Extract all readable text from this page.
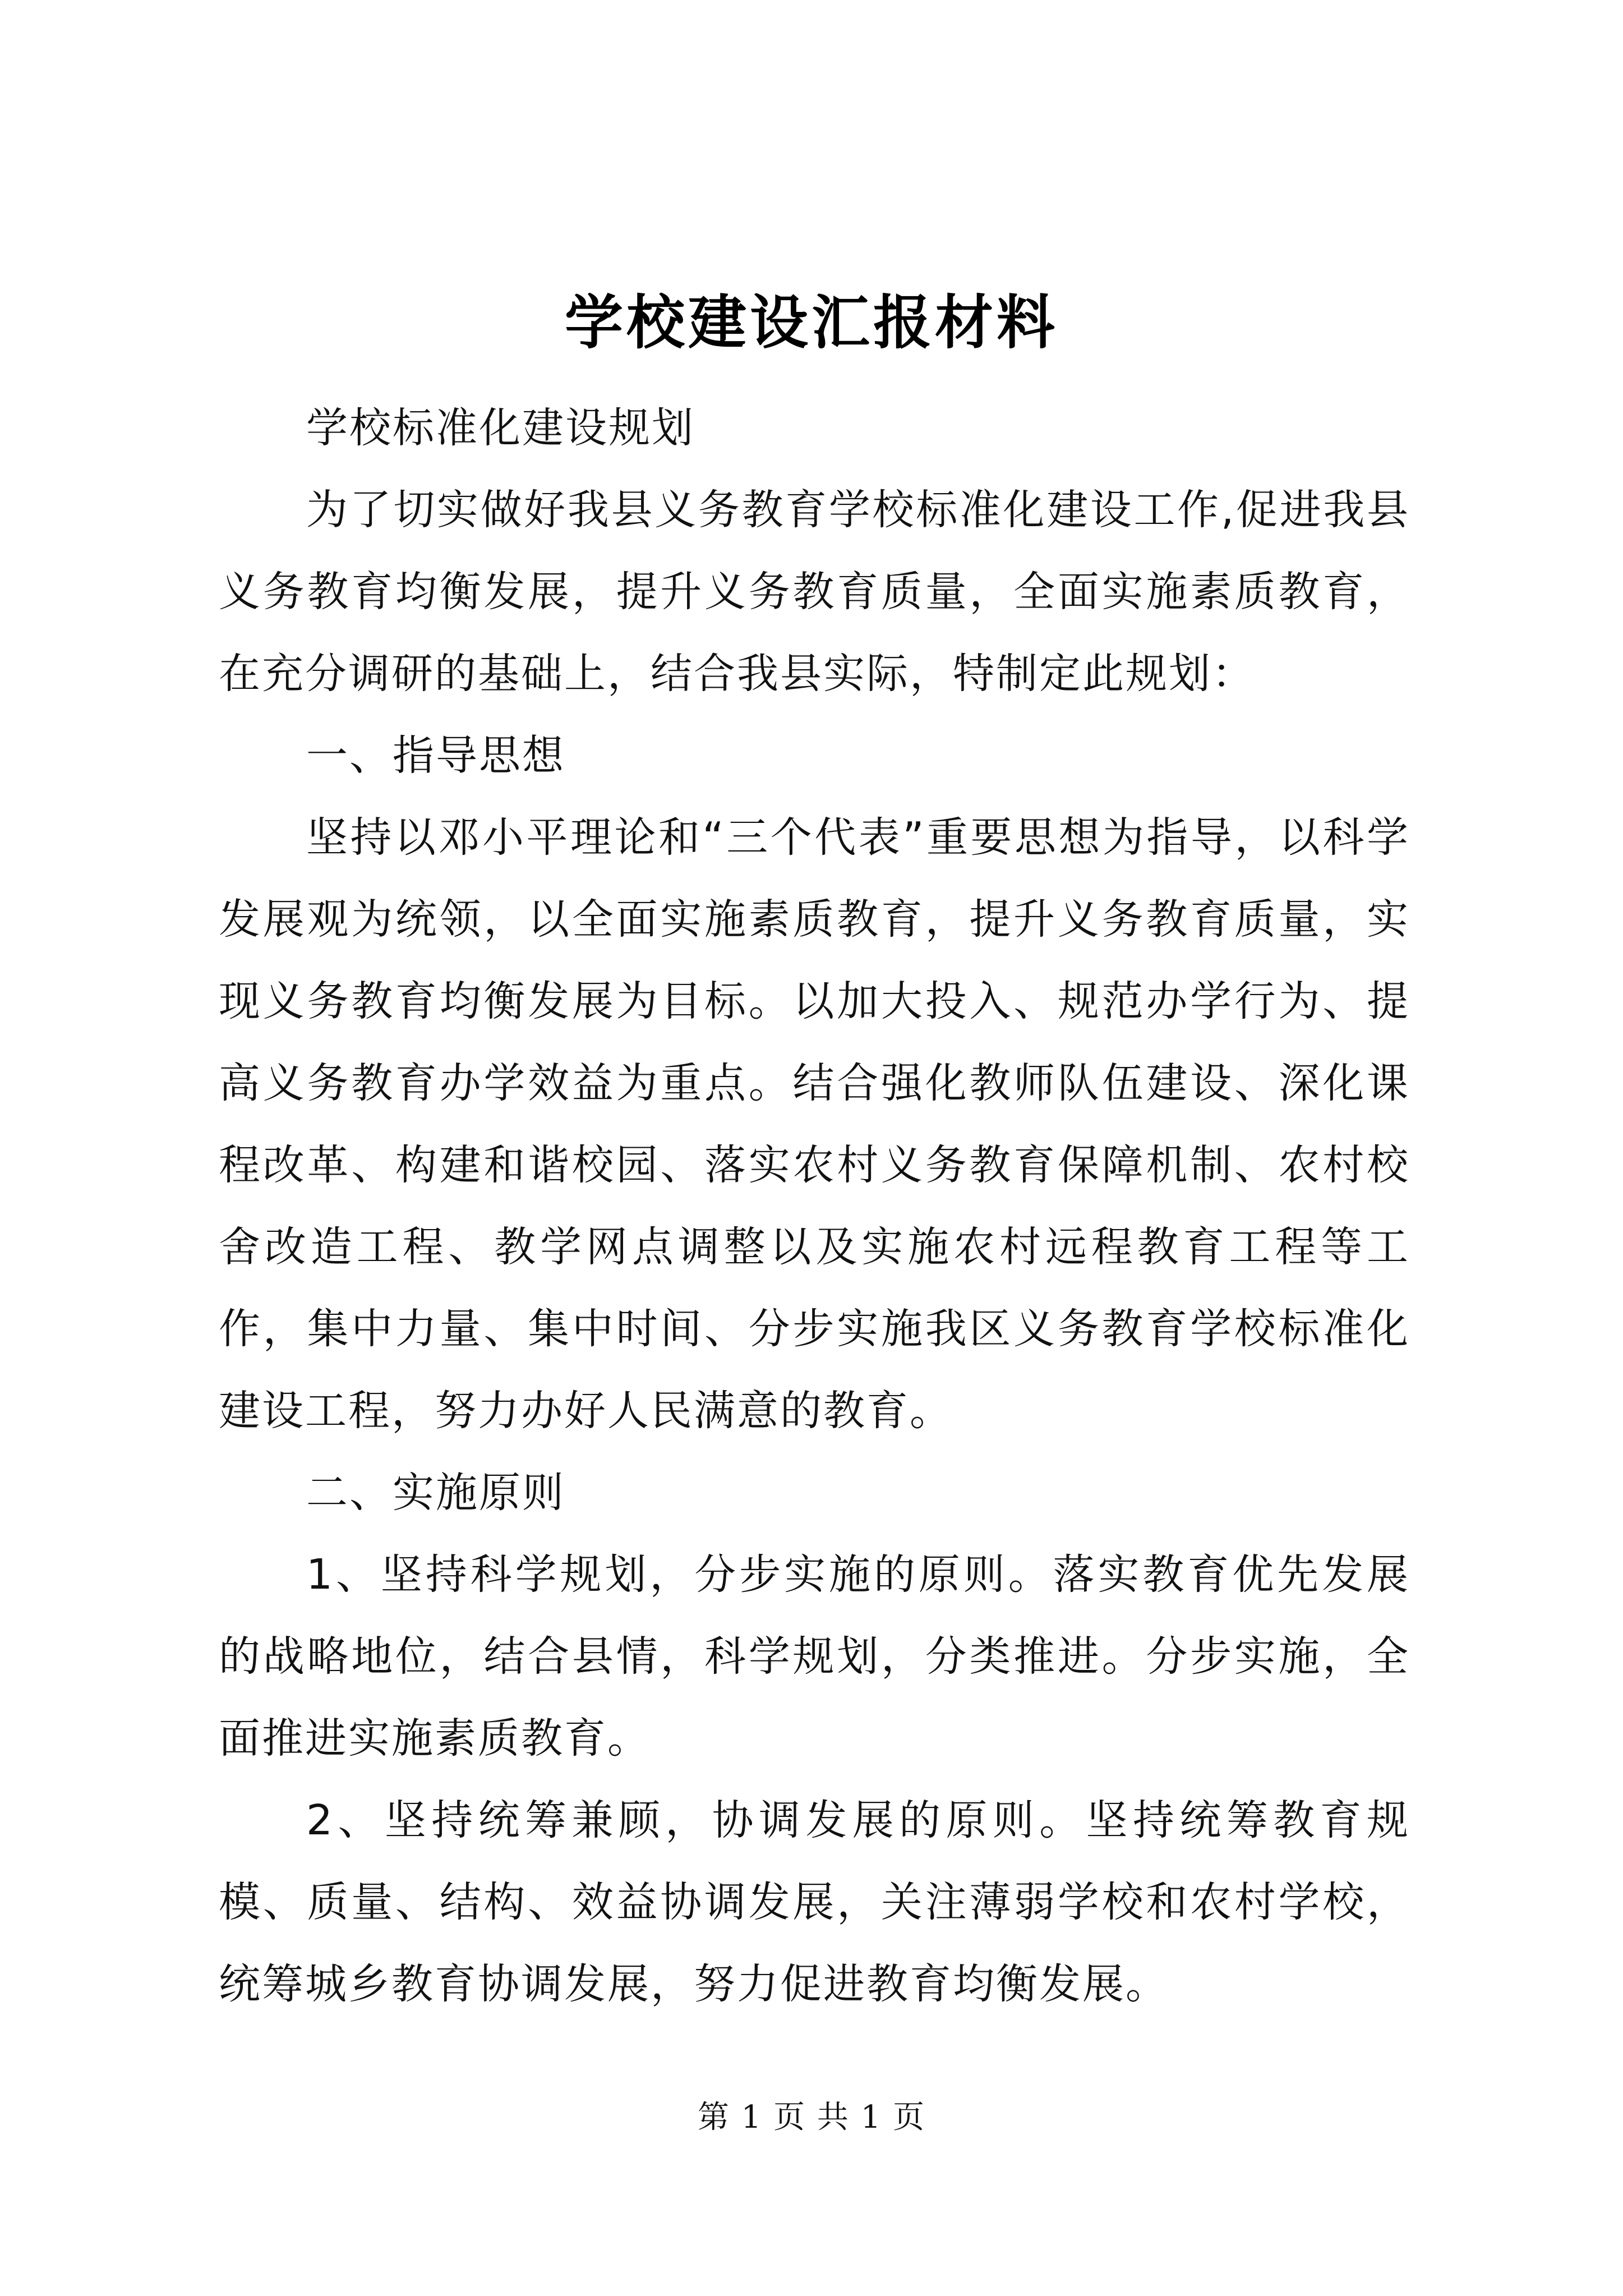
学校建设汇报材料

学校标准化建设规划

为了切实做好我县义务教育学校标准化建设工作,促进我县义务教育均衡发展，提升义务教育质量，全面实施素质教育，在充分调研的基础上，结合我县实际，特制定此规划：

一、指导思想

坚持以邓小平理论和“三个代表”重要思想为指导，以科学发展观为统领，以全面实施素质教育，提升义务教育质量，实现义务教育均衡发展为目标。以加大投入、规范办学行为、提高义务教育办学效益为重点。结合强化教师队伍建设、深化课程改革、构建和谐校园、落实农村义务教育保障机制、农村校舍改造工程、教学网点调整以及实施农村远程教育工程等工作，集中力量、集中时间、分步实施我区义务教育学校标准化建设工程，努力办好人民满意的教育。

二、实施原则

1、坚持科学规划，分步实施的原则。落实教育优先发展的战略地位，结合县情，科学规划，分类推进。分步实施，全面推进实施素质教育。

2、坚持统筹兼顾，协调发展的原则。坚持统筹教育规模、质量、结构、效益协调发展，关注薄弱学校和农村学校，统筹城乡教育协调发展，努力促进教育均衡发展。

第 1 页 共 1 页
